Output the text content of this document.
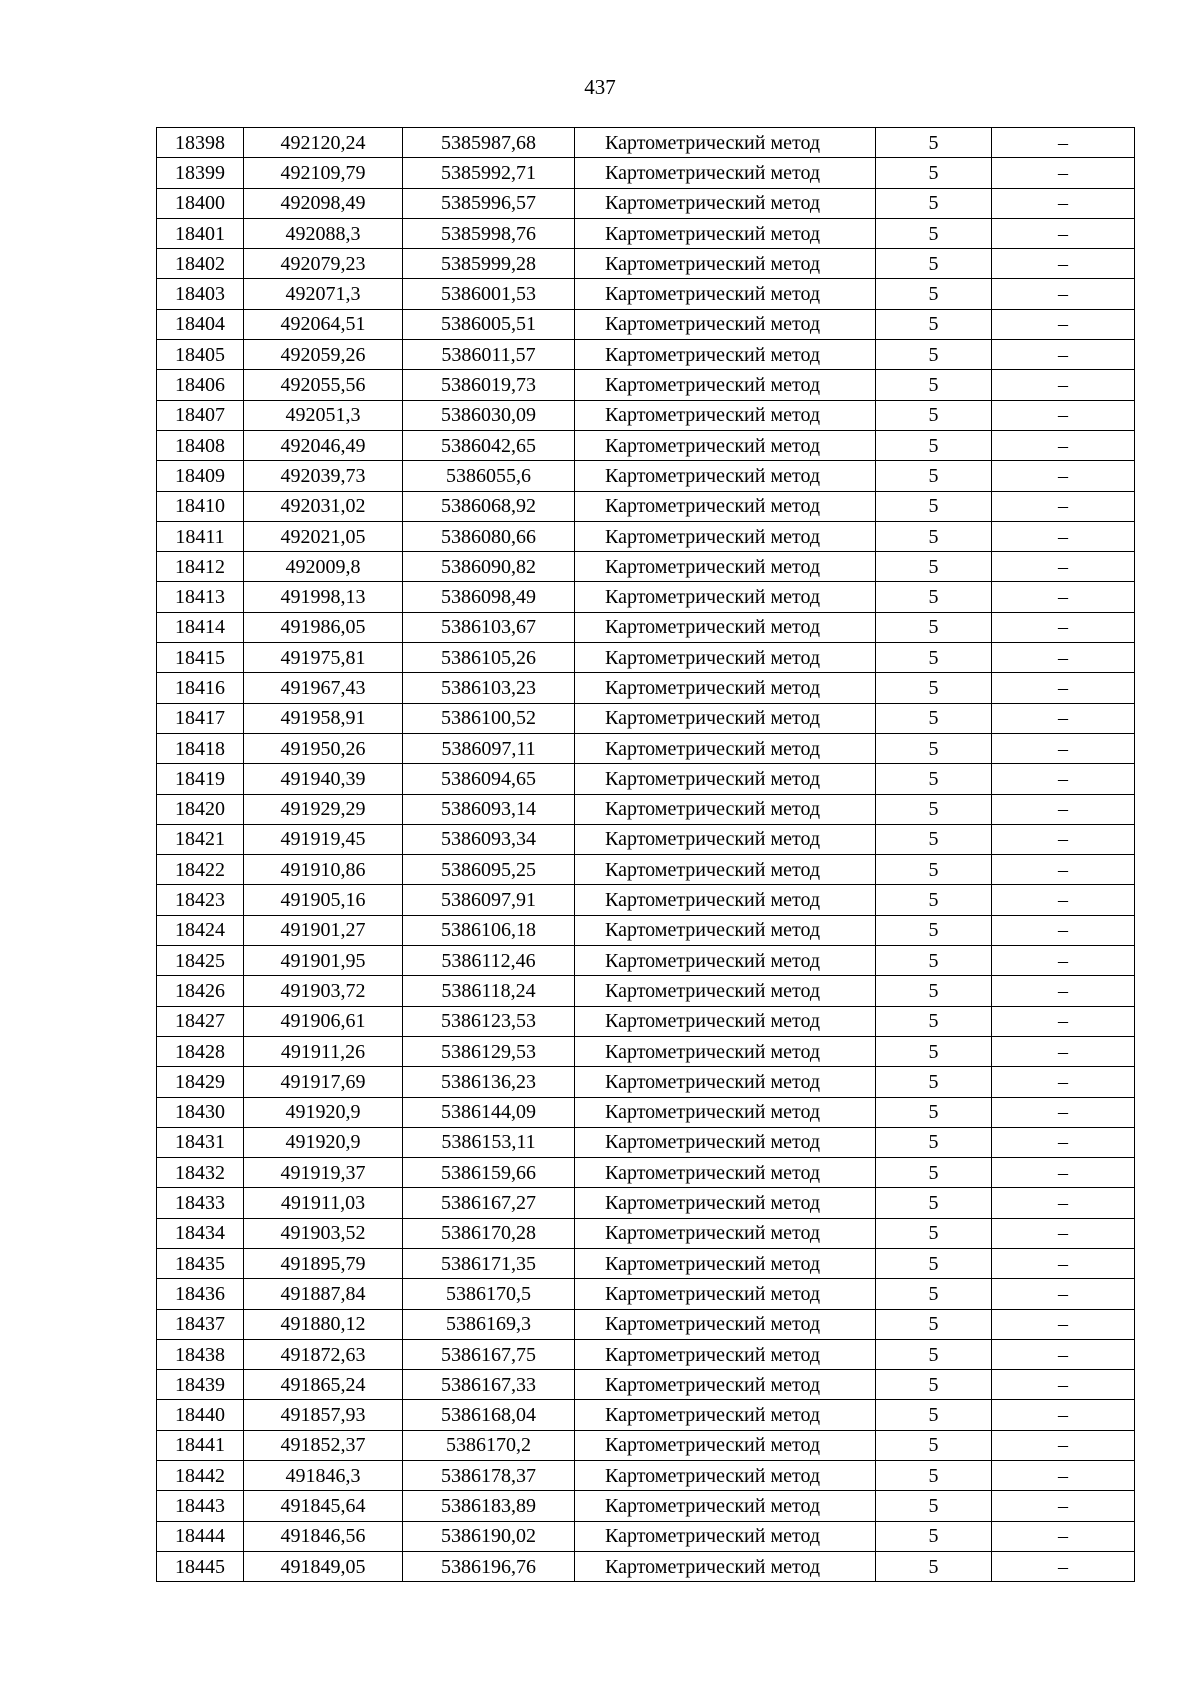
437
18398	492120,24	5385987,68	Картометрический метод	5	–
18399	492109,79	5385992,71	Картометрический метод	5	–
18400	492098,49	5385996,57	Картометрический метод	5	–
18401	492088,3	5385998,76	Картометрический метод	5	–
18402	492079,23	5385999,28	Картометрический метод	5	–
18403	492071,3	5386001,53	Картометрический метод	5	–
18404	492064,51	5386005,51	Картометрический метод	5	–
18405	492059,26	5386011,57	Картометрический метод	5	–
18406	492055,56	5386019,73	Картометрический метод	5	–
18407	492051,3	5386030,09	Картометрический метод	5	–
18408	492046,49	5386042,65	Картометрический метод	5	–
18409	492039,73	5386055,6	Картометрический метод	5	–
18410	492031,02	5386068,92	Картометрический метод	5	–
18411	492021,05	5386080,66	Картометрический метод	5	–
18412	492009,8	5386090,82	Картометрический метод	5	–
18413	491998,13	5386098,49	Картометрический метод	5	–
18414	491986,05	5386103,67	Картометрический метод	5	–
18415	491975,81	5386105,26	Картометрический метод	5	–
18416	491967,43	5386103,23	Картометрический метод	5	–
18417	491958,91	5386100,52	Картометрический метод	5	–
18418	491950,26	5386097,11	Картометрический метод	5	–
18419	491940,39	5386094,65	Картометрический метод	5	–
18420	491929,29	5386093,14	Картометрический метод	5	–
18421	491919,45	5386093,34	Картометрический метод	5	–
18422	491910,86	5386095,25	Картометрический метод	5	–
18423	491905,16	5386097,91	Картометрический метод	5	–
18424	491901,27	5386106,18	Картометрический метод	5	–
18425	491901,95	5386112,46	Картометрический метод	5	–
18426	491903,72	5386118,24	Картометрический метод	5	–
18427	491906,61	5386123,53	Картометрический метод	5	–
18428	491911,26	5386129,53	Картометрический метод	5	–
18429	491917,69	5386136,23	Картометрический метод	5	–
18430	491920,9	5386144,09	Картометрический метод	5	–
18431	491920,9	5386153,11	Картометрический метод	5	–
18432	491919,37	5386159,66	Картометрический метод	5	–
18433	491911,03	5386167,27	Картометрический метод	5	–
18434	491903,52	5386170,28	Картометрический метод	5	–
18435	491895,79	5386171,35	Картометрический метод	5	–
18436	491887,84	5386170,5	Картометрический метод	5	–
18437	491880,12	5386169,3	Картометрический метод	5	–
18438	491872,63	5386167,75	Картометрический метод	5	–
18439	491865,24	5386167,33	Картометрический метод	5	–
18440	491857,93	5386168,04	Картометрический метод	5	–
18441	491852,37	5386170,2	Картометрический метод	5	–
18442	491846,3	5386178,37	Картометрический метод	5	–
18443	491845,64	5386183,89	Картометрический метод	5	–
18444	491846,56	5386190,02	Картометрический метод	5	–
18445	491849,05	5386196,76	Картометрический метод	5	–
